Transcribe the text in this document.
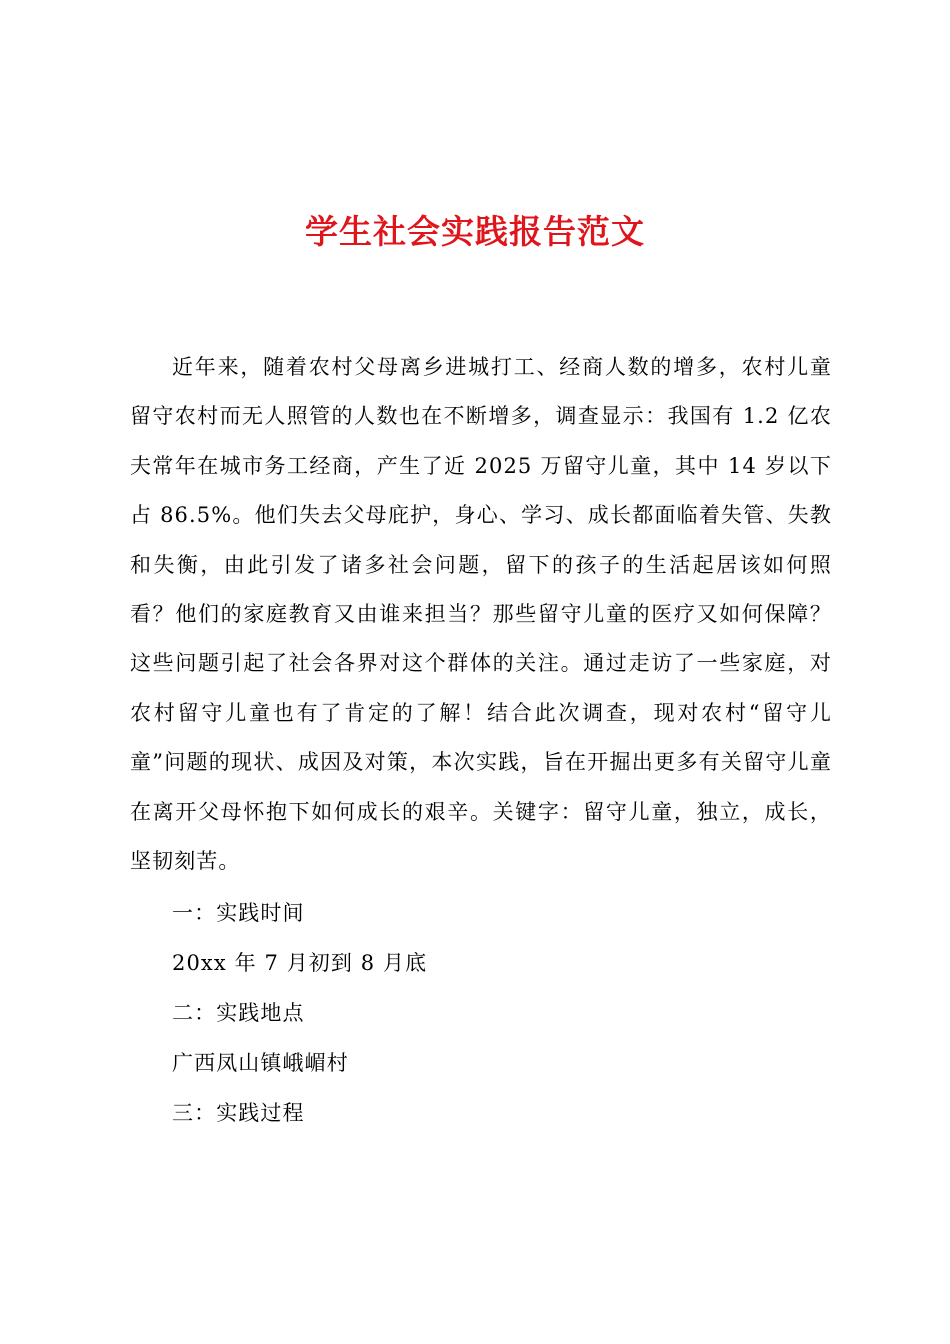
学生社会实践报告范文

近年来，随着农村父母离乡进城打工、经商人数的增多，农村儿童留守农村而无人照管的人数也在不断增多，调查显示：我国有 1.2 亿农夫常年在城市务工经商，产生了近 2025 万留守儿童，其中 14 岁以下占 86.5%。他们失去父母庇护，身心、学习、成长都面临着失管、失教和失衡，由此引发了诸多社会问题，留下的孩子的生活起居该如何照看？他们的家庭教育又由谁来担当？那些留守儿童的医疗又如何保障？这些问题引起了社会各界对这个群体的关注。通过走访了一些家庭，对农村留守儿童也有了肯定的了解！结合此次调查，现对农村“留守儿童”问题的现状、成因及对策，本次实践，旨在开掘出更多有关留守儿童在离开父母怀抱下如何成长的艰辛。关键字：留守儿童，独立，成长，坚韧刻苦。

一：实践时间
20xx 年 7 月初到 8 月底
二：实践地点
广西凤山镇峨嵋村
三：实践过程
